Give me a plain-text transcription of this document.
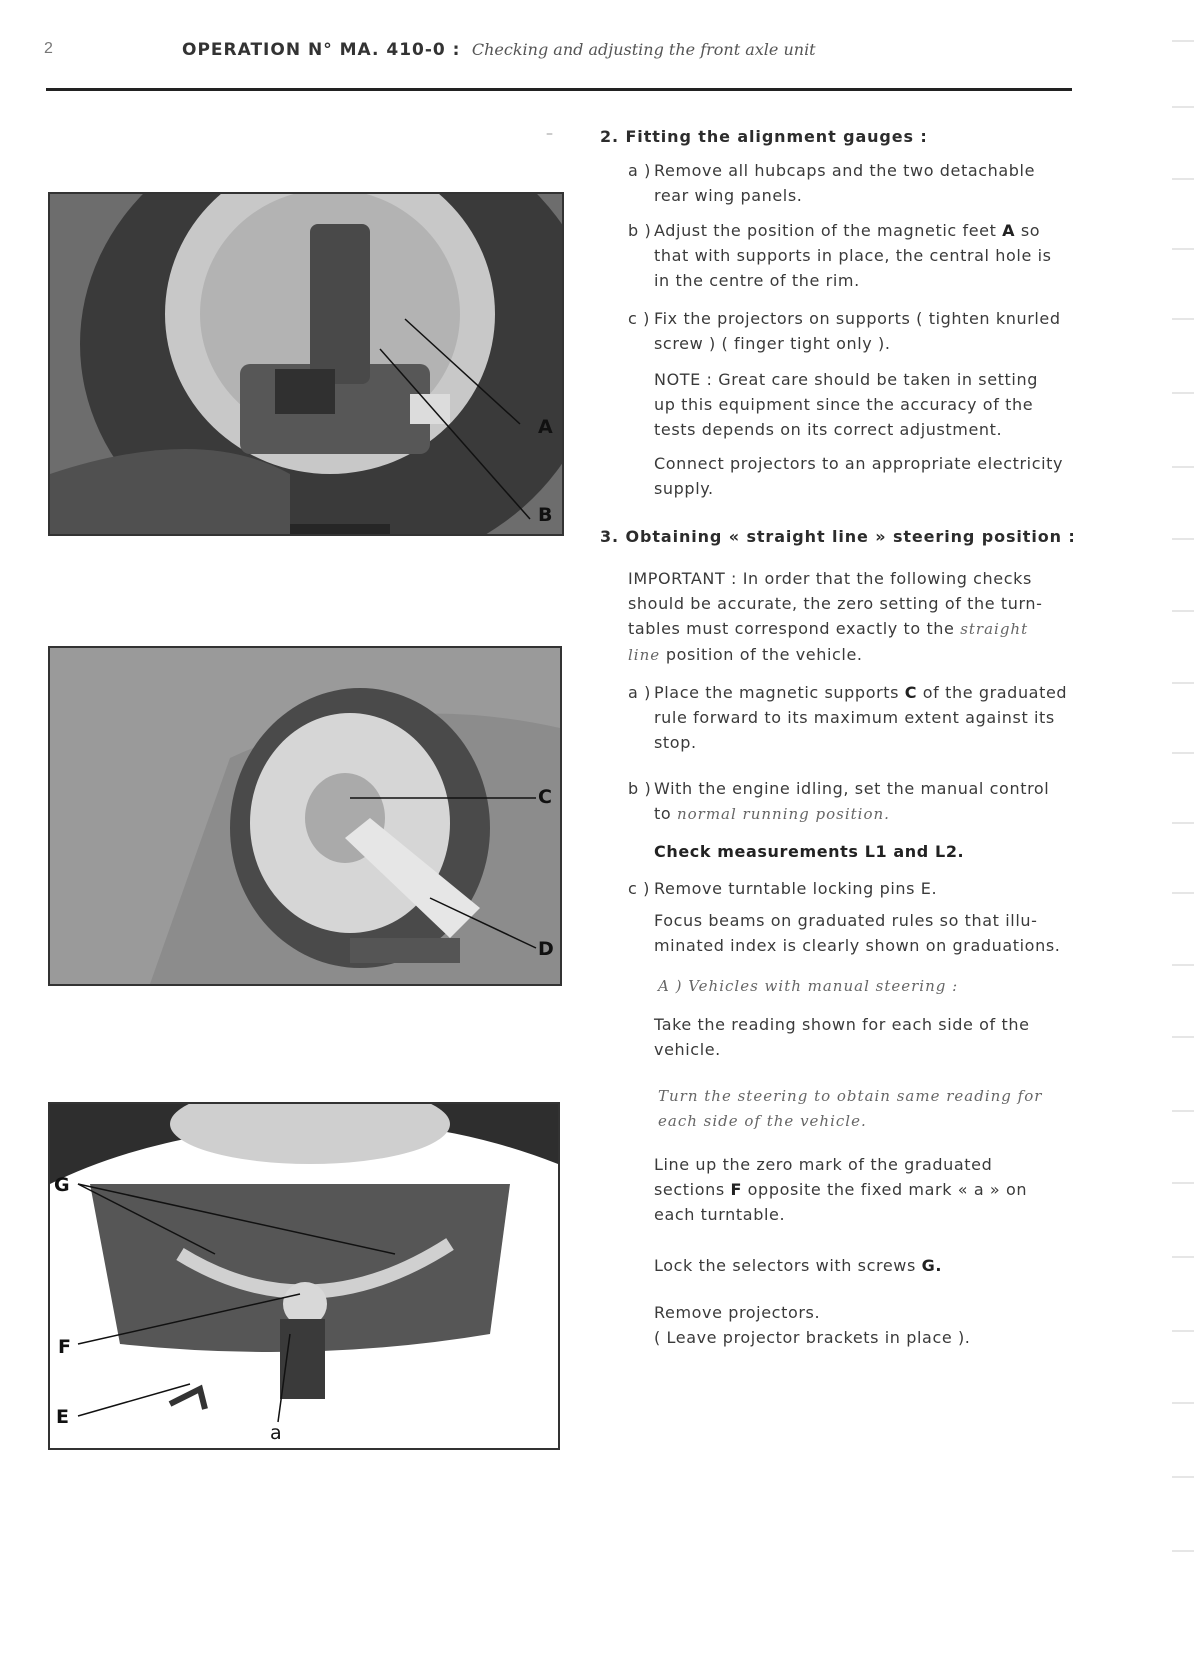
2	OPERATION N° MA. 410-0 : Checking and adjusting the front axle unit
–
A
B
C
D
G
F
E
a
2. Fitting the alignment gauges :
a ) Remove all hubcaps and the two detachable
rear wing panels.
b ) Adjust the position of the magnetic feet A so
that with supports in place, the central hole is
in the centre of the rim.
c ) Fix the projectors on supports ( tighten knurled
screw ) ( finger tight only ).
NOTE : Great care should be taken in setting
up this equipment since the accuracy of the
tests depends on its correct adjustment.
Connect projectors to an appropriate electricity
supply.
3. Obtaining « straight line » steering position :
IMPORTANT : In order that the following checks
should be accurate, the zero setting of the turn-
tables must correspond exactly to the straight
line position of the vehicle.
a ) Place the magnetic supports C of the graduated
rule forward to its maximum extent against its
stop.
b ) With the engine idling, set the manual control
to normal running position.
Check measurements L1 and L2.
c ) Remove turntable locking pins E.
Focus beams on graduated rules so that illu-
minated index is clearly shown on graduations.
A ) Vehicles with manual steering :
Take the reading shown for each side of the
vehicle.
Turn the steering to obtain same reading for
each side of the vehicle.
Line up the zero mark of the graduated
sections F opposite the fixed mark « a » on
each turntable.
Lock the selectors with screws G.
Remove projectors.
( Leave projector brackets in place ).
